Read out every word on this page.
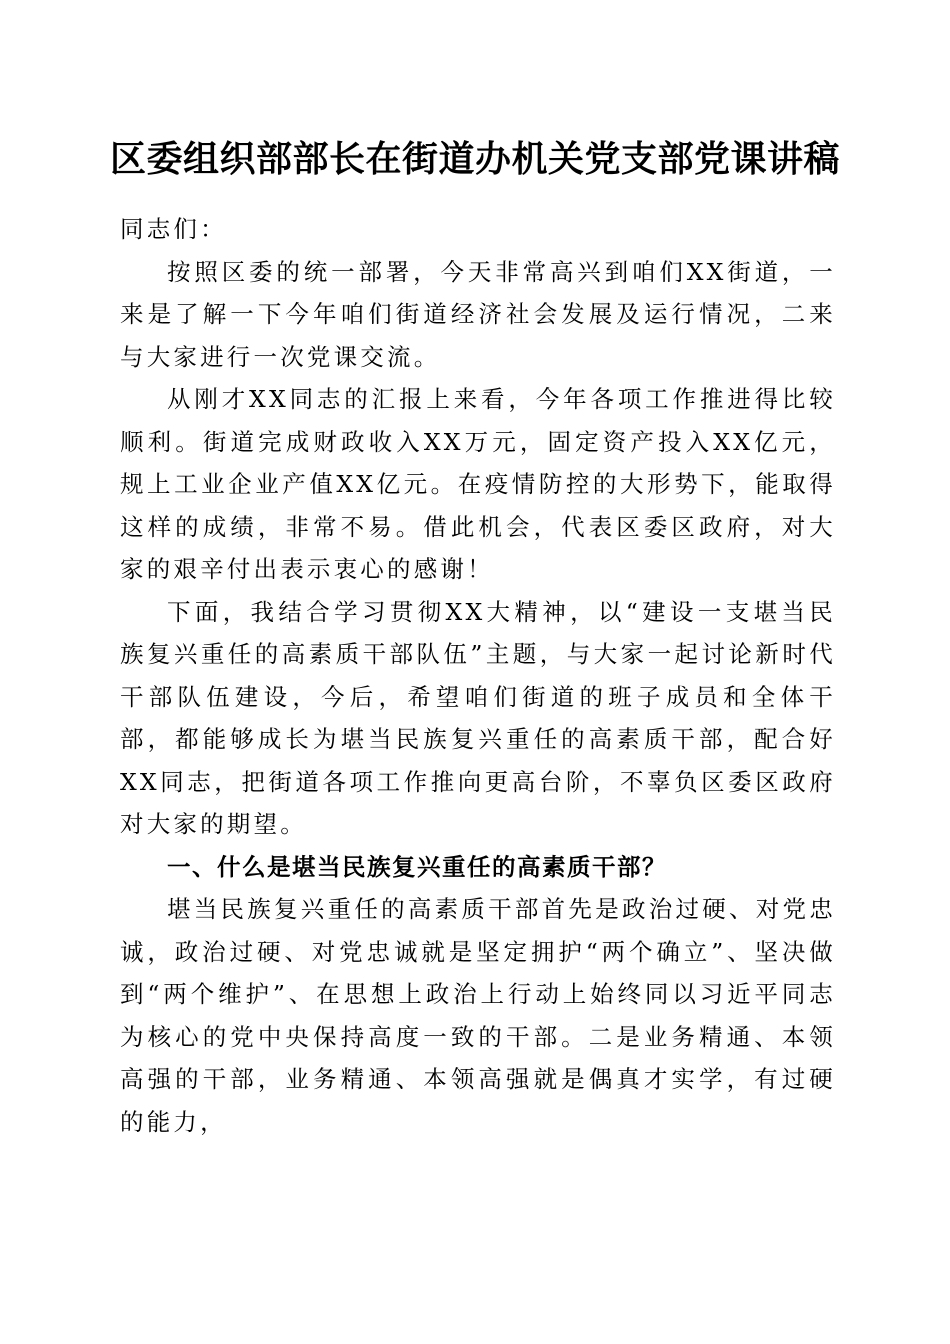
区委组织部部长在街道办机关党支部党课讲稿

同志们：

按照区委的统一部署，今天非常高兴到咱们XX街道，一来是了解一下今年咱们街道经济社会发展及运行情况，二来与大家进行一次党课交流。

从刚才XX同志的汇报上来看，今年各项工作推进得比较顺利。街道完成财政收入XX万元，固定资产投入XX亿元，规上工业企业产值XX亿元。在疫情防控的大形势下，能取得这样的成绩，非常不易。借此机会，代表区委区政府，对大家的艰辛付出表示衷心的感谢！

下面，我结合学习贯彻XX大精神，以“建设一支堪当民族复兴重任的高素质干部队伍”主题，与大家一起讨论新时代干部队伍建设，今后，希望咱们街道的班子成员和全体干部，都能够成长为堪当民族复兴重任的高素质干部，配合好XX同志，把街道各项工作推向更高台阶，不辜负区委区政府对大家的期望。

一、什么是堪当民族复兴重任的高素质干部？

堪当民族复兴重任的高素质干部首先是政治过硬、对党忠诚，政治过硬、对党忠诚就是坚定拥护“两个确立”、坚决做到“两个维护”、在思想上政治上行动上始终同以习近平同志为核心的党中央保持高度一致的干部。二是业务精通、本领高强的干部，业务精通、本领高强就是偶真才实学，有过硬的能力，
